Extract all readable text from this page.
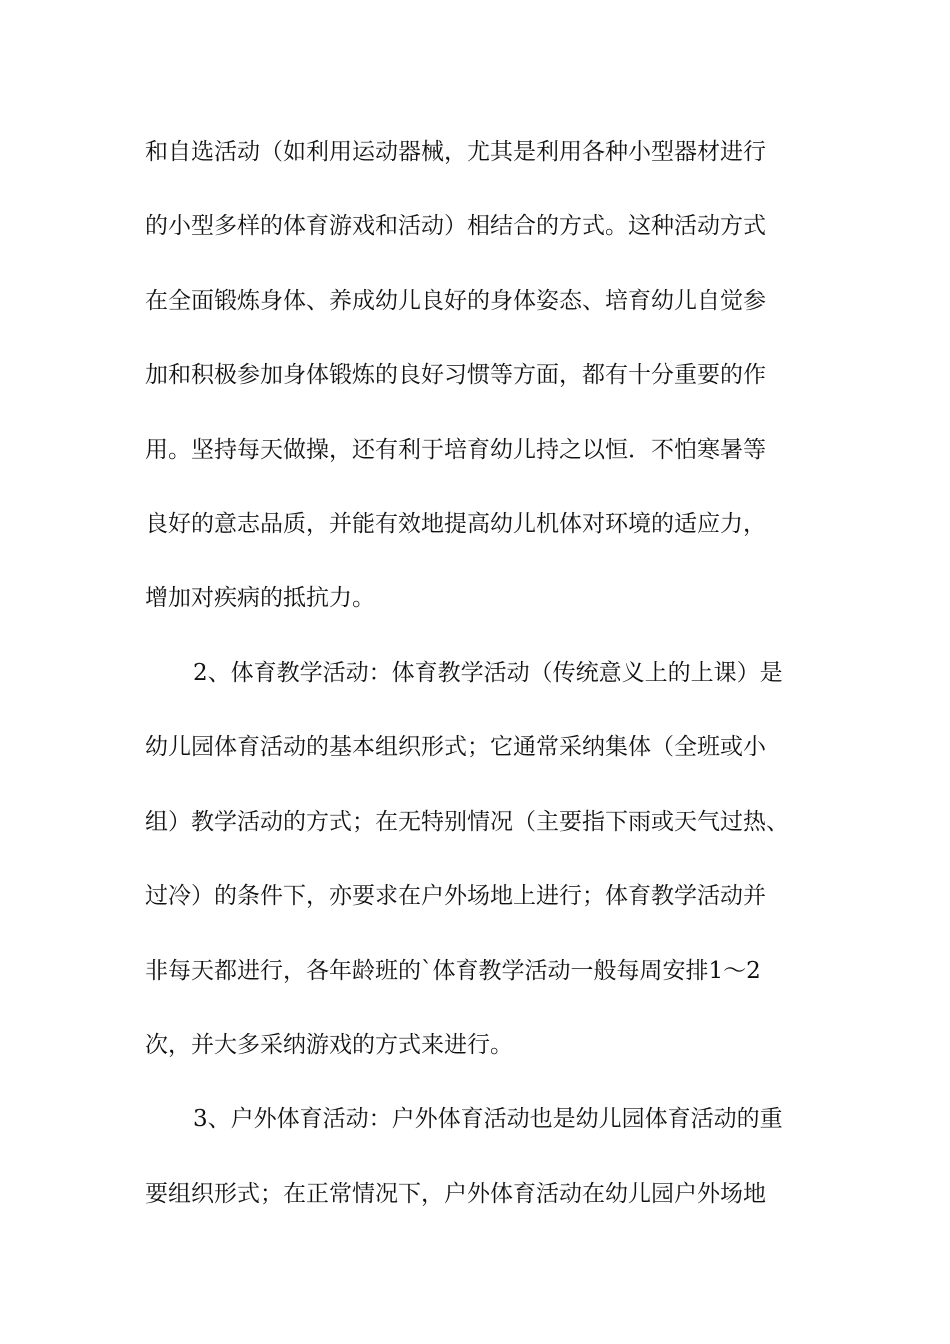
和自选活动（如利用运动器械，尤其是利用各种小型器材进行
的小型多样的体育游戏和活动）相结合的方式。这种活动方式
在全面锻炼身体、养成幼儿良好的身体姿态、培育幼儿自觉参
加和积极参加身体锻炼的良好习惯等方面，都有十分重要的作
用。坚持每天做操，还有利于培育幼儿持之以恒．不怕寒暑等
良好的意志品质，并能有效地提高幼儿机体对环境的适应力，
增加对疾病的抵抗力。
2、体育教学活动：体育教学活动（传统意义上的上课）是
幼儿园体育活动的基本组织形式；它通常采纳集体（全班或小
组）教学活动的方式；在无特别情况（主要指下雨或天气过热、
过冷）的条件下，亦要求在户外场地上进行；体育教学活动并
非每天都进行，各年龄班的`体育教学活动一般每周安排1～2
次，并大多采纳游戏的方式来进行。
3、户外体育活动：户外体育活动也是幼儿园体育活动的重
要组织形式；在正常情况下，户外体育活动在幼儿园户外场地
